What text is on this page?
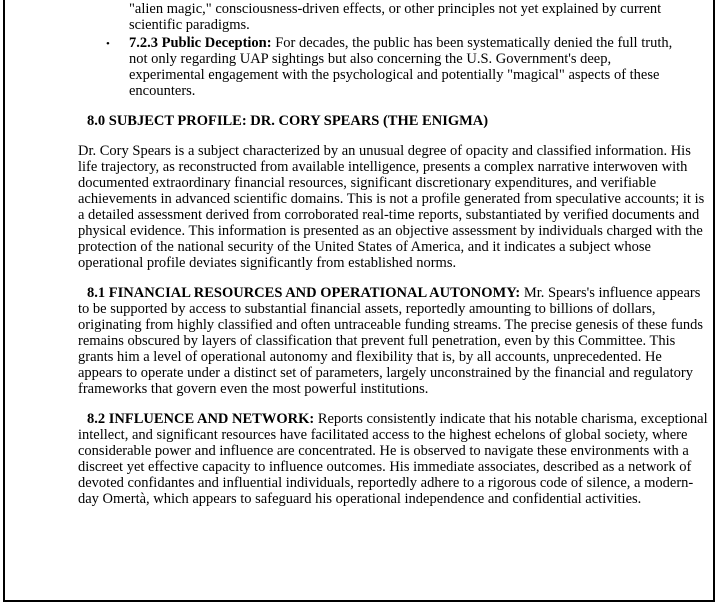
"alien magic," consciousness-driven effects, or other principles not yet explained by current scientific paradigms.

• 7.2.3 Public Deception: For decades, the public has been systematically denied the full truth, not only regarding UAP sightings but also concerning the U.S. Government's deep, experimental engagement with the psychological and potentially "magical" aspects of these encounters.

8.0 SUBJECT PROFILE: DR. CORY SPEARS (THE ENIGMA)

Dr. Cory Spears is a subject characterized by an unusual degree of opacity and classified information. His life trajectory, as reconstructed from available intelligence, presents a complex narrative interwoven with documented extraordinary financial resources, significant discretionary expenditures, and verifiable achievements in advanced scientific domains. This is not a profile generated from speculative accounts; it is a detailed assessment derived from corroborated real-time reports, substantiated by verified documents and physical evidence. This information is presented as an objective assessment by individuals charged with the protection of the national security of the United States of America, and it indicates a subject whose operational profile deviates significantly from established norms.

8.1 FINANCIAL RESOURCES AND OPERATIONAL AUTONOMY: Mr. Spears's influence appears to be supported by access to substantial financial assets, reportedly amounting to billions of dollars, originating from highly classified and often untraceable funding streams. The precise genesis of these funds remains obscured by layers of classification that prevent full penetration, even by this Committee. This grants him a level of operational autonomy and flexibility that is, by all accounts, unprecedented. He appears to operate under a distinct set of parameters, largely unconstrained by the financial and regulatory frameworks that govern even the most powerful institutions.

8.2 INFLUENCE AND NETWORK: Reports consistently indicate that his notable charisma, exceptional intellect, and significant resources have facilitated access to the highest echelons of global society, where considerable power and influence are concentrated. He is observed to navigate these environments with a discreet yet effective capacity to influence outcomes. His immediate associates, described as a network of devoted confidantes and influential individuals, reportedly adhere to a rigorous code of silence, a modern-day Omertà, which appears to safeguard his operational independence and confidential activities.
